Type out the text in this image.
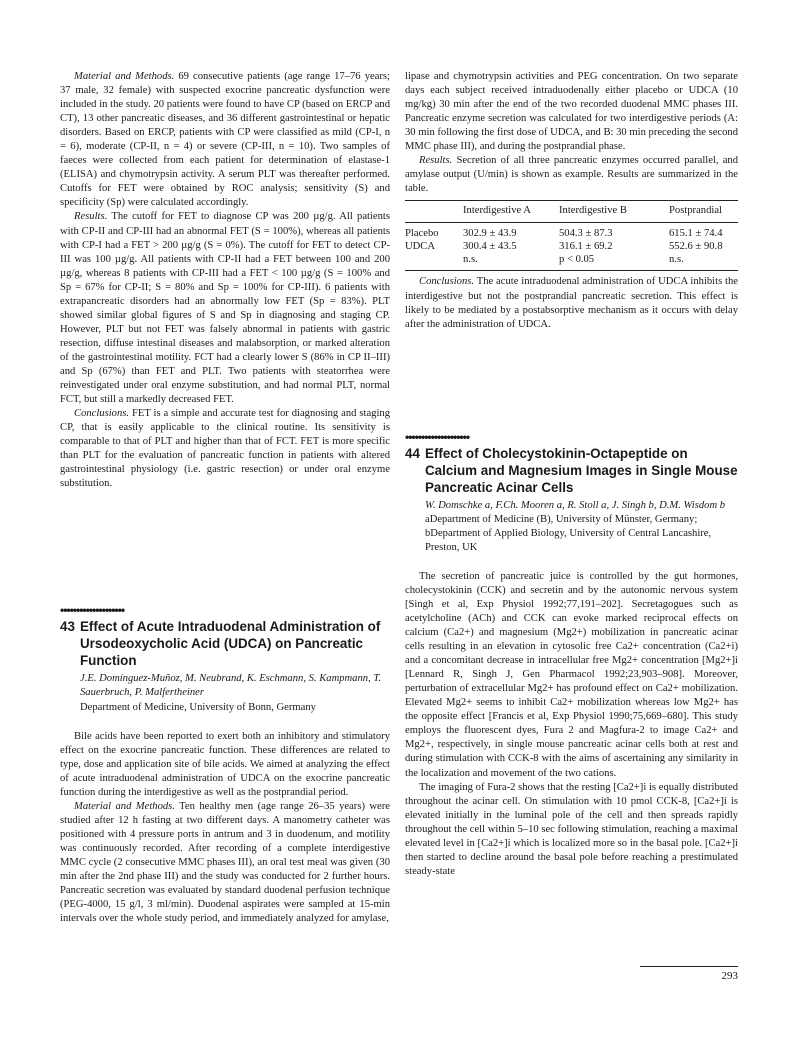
Material and Methods. 69 consecutive patients (age range 17–76 years; 37 male, 32 female) with suspected exocrine pancreatic dysfunction were included in the study. 20 patients were found to have CP (based on ERCP and CT), 13 other pancreatic diseases, and 36 different gastrointestinal or hepatic disorders. Based on ERCP, patients with CP were classified as mild (CP-I, n = 6), moderate (CP-II, n = 4) or severe (CP-III, n = 10). Two samples of faeces were collected from each patient for determination of elastase-1 (ELISA) and chymotrypsin activity. A serum PLT was thereafter performed. Cutoffs for FET were obtained by ROC analysis; sensitivity (S) and specificity (Sp) were calculated accordingly.

Results. The cutoff for FET to diagnose CP was 200 µg/g. All patients with CP-II and CP-III had an abnormal FET (S = 100%), whereas all patients with CP-I had a FET > 200 µg/g (S = 0%). The cutoff for FET to detect CP-III was 100 µg/g. All patients with CP-II had a FET between 100 and 200 µg/g, whereas 8 patients with CP-III had a FET < 100 µg/g (S = 100% and Sp = 67% for CP-II; S = 80% and Sp = 100% for CP-III). 6 patients with extrapancreatic disorders had an abnormally low FET (Sp = 83%). PLT showed similar global figures of S and Sp in diagnosing and staging CP. However, PLT but not FET was falsely abnormal in patients with gastric resection, diffuse intestinal diseases and malabsorption, or marked alteration of the gastrointestinal motility. FCT had a clearly lower S (86% in CP II–III) and Sp (67%) than FET and PLT. Two patients with steatorrhea were reinvestigated under oral enzyme substitution, and had normal PLT, normal FCT, but still a markedly decreased FET.

Conclusions. FET is a simple and accurate test for diagnosing and staging CP, that is easily applicable to the clinical routine. Its sensitivity is comparable to that of PLT and higher than that of FCT. FET is more specific than PLT for the evaluation of pancreatic function in patients with altered gastrointestinal physiology (i.e. gastric resection) or under oral enzyme substitution.

••••••••••••••••••••

43 Effect of Acute Intraduodenal Administration of Ursodeoxycholic Acid (UDCA) on Pancreatic Function

J.E. Domínguez-Muñoz, M. Neubrand, K. Eschmann, S. Kampmann, T. Sauerbruch, P. Malfertheiner

Department of Medicine, University of Bonn, Germany

Bile acids have been reported to exert both an inhibitory and stimulatory effect on the exocrine pancreatic function. These differences are related to type, dose and application site of bile acids. We aimed at analyzing the effect of acute intraduodenal administration of UDCA on the exocrine pancreatic function during the interdigestive as well as the postprandial period.

Material and Methods. Ten healthy men (age range 26–35 years) were studied after 12 h fasting at two different days. A manometry catheter was positioned with 4 pressure ports in antrum and 3 in duodenum, and motility was continuously recorded. After recording of a complete interdigestive MMC cycle (2 consecutive MMC phases III), an oral test meal was given (30 min after the 2nd phase III) and the study was conducted for 2 further hours. Pancreatic secretion was evaluated by standard duodenal perfusion technique (PEG-4000, 15 g/l, 3 ml/min). Duodenal aspirates were sampled at 15-min intervals over the whole study period, and immediately analyzed for amylase,

lipase and chymotrypsin activities and PEG concentration. On two separate days each subject received intraduodenally either placebo or UDCA (10 mg/kg) 30 min after the end of the two recorded duodenal MMC phases III. Pancreatic enzyme secretion was calculated for two interdigestive periods (A: 30 min following the first dose of UDCA, and B: 30 min preceding the second MMC phase III), and during the postprandial phase.

Results. Secretion of all three pancreatic enzymes occurred parallel, and amylase output (U/min) is shown as example. Results are summarized in the table.

	Interdigestive A	Interdigestive B	Postprandial
Placebo	302.9 ± 43.9	504.3 ± 87.3	615.1 ± 74.4
UDCA	300.4 ± 43.5	316.1 ± 69.2	552.6 ± 90.8
	n.s.	p < 0.05	n.s.

Conclusions. The acute intraduodenal administration of UDCA inhibits the interdigestive but not the postprandial pancreatic secretion. This effect is likely to be mediated by a postabsorptive mechanism as it occurs with delay after the administration of UDCA.

••••••••••••••••••••

44 Effect of Cholecystokinin-Octapeptide on Calcium and Magnesium Images in Single Mouse Pancreatic Acinar Cells

W. Domschke a, F.Ch. Mooren a, R. Stoll a, J. Singh b, D.M. Wisdom b

aDepartment of Medicine (B), University of Münster, Germany;

bDepartment of Applied Biology, University of Central Lancashire, Preston, UK

The secretion of pancreatic juice is controlled by the gut hormones, cholecystokinin (CCK) and secretin and by the autonomic nervous system [Singh et al, Exp Physiol 1992;77,191–202]. Secretagogues such as acetylcholine (ACh) and CCK can evoke marked reciprocal effects on calcium (Ca2+) and magnesium (Mg2+) mobilization in pancreatic acinar cells resulting in an elevation in cytosolic free Ca2+ concentration (Ca2+i) and a concomitant decrease in intracellular free Mg2+ concentration [Mg2+]i [Lennard R, Singh J, Gen Pharmacol 1992;23,903–908]. Moreover, perturbation of extracellular Mg2+ has profound effect on Ca2+ mobilization. Elevated Mg2+ seems to inhibit Ca2+ mobilization whereas low Mg2+ has the opposite effect [Francis et al, Exp Physiol 1990;75,669–680]. This study employs the fluorescent dyes, Fura 2 and Magfura-2 to image Ca2+ and Mg2+, respectively, in single mouse pancreatic acinar cells both at rest and during stimulation with CCK-8 with the aims of ascertaining any similarity in the localization and movement of the two cations.

The imaging of Fura-2 shows that the resting [Ca2+]i is equally distributed throughout the acinar cell. On stimulation with 10 pmol CCK-8, [Ca2+]i is elevated initially in the luminal pole of the cell and then spreads rapidly throughout the cell within 5–10 sec following stimulation, reaching a maximal elevated level in [Ca2+]i which is localized more so in the basal pole. [Ca2+]i then started to decline around the basal pole before reaching a prestimulated steady-state

293
